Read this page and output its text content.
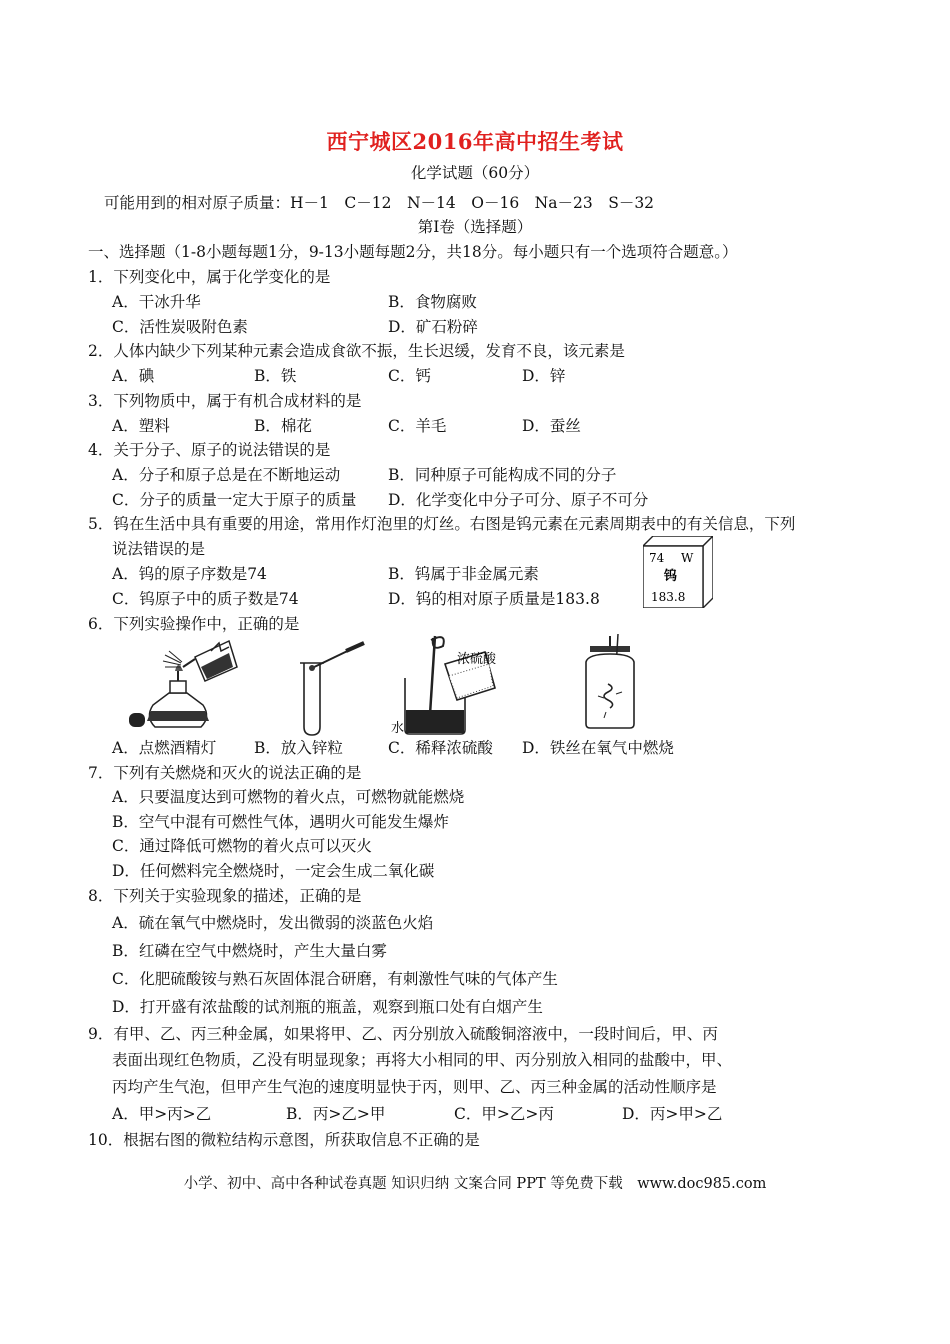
西宁城区2016年高中招生考试
化学试题（60分）
可能用到的相对原子质量：H－1　C－12　N－14　O－16　Na－23　S－32
第Ⅰ卷（选择题）
一、选择题（1-8小题每题1分，9-13小题每题2分，共18分。每小题只有一个选项符合题意。）
1．下列变化中，属于化学变化的是
A．干冰升华	B．食物腐败
C．活性炭吸附色素	D．矿石粉碎
2．人体内缺少下列某种元素会造成食欲不振，生长迟缓，发育不良，该元素是
A．碘	B．铁	C．钙	D．锌
3．下列物质中，属于有机合成材料的是
A．塑料	B．棉花	C．羊毛	D．蚕丝
4．关于分子、原子的说法错误的是
A．分子和原子总是在不断地运动	B．同种原子可能构成不同的分子
C．分子的质量一定大于原子的质量 D．化学变化中分子可分、原子不可分
5．钨在生活中具有重要的用途，常用作灯泡里的灯丝。右图是钨元素在元素周期表中的有关信息，下列
说法错误的是
A．钨的原子序数是74	B．钨属于非金属元素
C．钨原子中的质子数是74	D．钨的相对原子质量是183.8
74 W
钨
183.8
6．下列实验操作中，正确的是
浓硫酸
水
A．点燃酒精灯 B．放入锌粒	C．稀释浓硫酸 D．铁丝在氧气中燃烧
7．下列有关燃烧和灭火的说法正确的是
A．只要温度达到可燃物的着火点，可燃物就能燃烧
B．空气中混有可燃性气体，遇明火可能发生爆炸
C．通过降低可燃物的着火点可以灭火
D．任何燃料完全燃烧时，一定会生成二氧化碳
8．下列关于实验现象的描述，正确的是
A．硫在氧气中燃烧时，发出微弱的淡蓝色火焰
B．红磷在空气中燃烧时，产生大量白雾
C．化肥硫酸铵与熟石灰固体混合研磨，有刺激性气味的气体产生
D．打开盛有浓盐酸的试剂瓶的瓶盖，观察到瓶口处有白烟产生
9．有甲、乙、丙三种金属，如果将甲、乙、丙分别放入硫酸铜溶液中，一段时间后，甲、丙
表面出现红色物质，乙没有明显现象；再将大小相同的甲、丙分别放入相同的盐酸中，甲、
丙均产生气泡，但甲产生气泡的速度明显快于丙，则甲、乙、丙三种金属的活动性顺序是
A．甲>丙>乙	B．丙>乙>甲	C．甲>乙>丙	D．丙>甲>乙
10．根据右图的微粒结构示意图，所获取信息不正确的是
小学、初中、高中各种试卷真题 知识归纳 文案合同 PPT 等免费下载　www.doc985.com
